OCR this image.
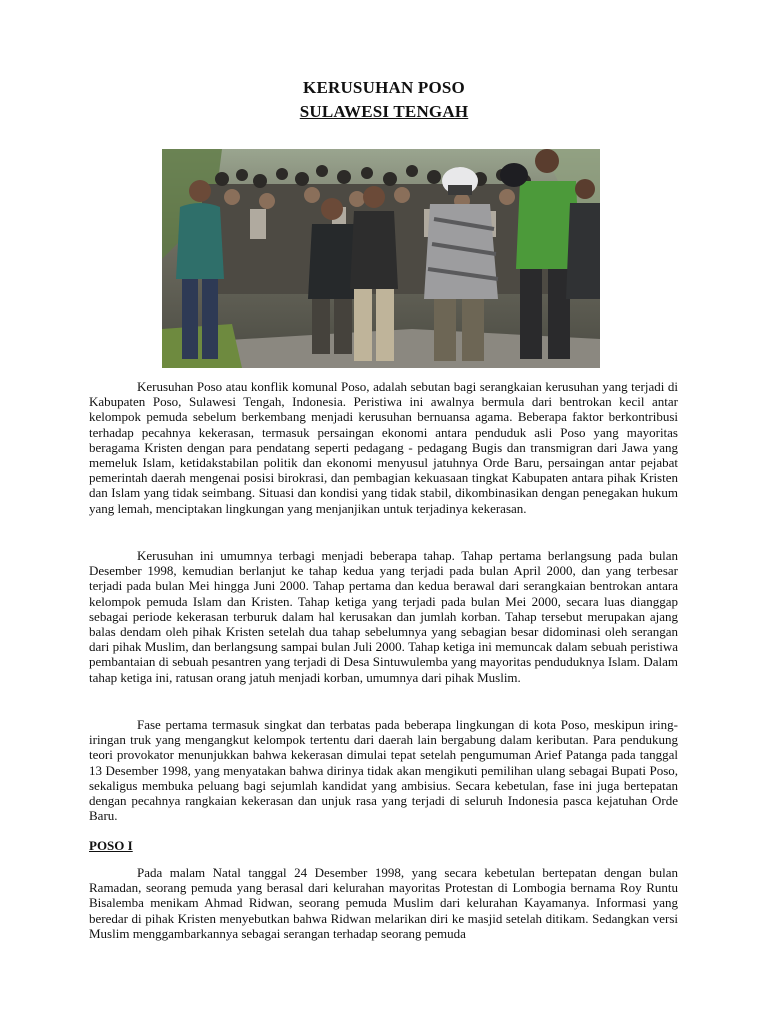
KERUSUHAN POSO
SULAWESI TENGAH

Kerusuhan Poso atau konflik komunal Poso, adalah sebutan bagi serangkaian kerusuhan yang terjadi di Kabupaten Poso, Sulawesi Tengah, Indonesia. Peristiwa ini awalnya bermula dari bentrokan kecil antar kelompok pemuda sebelum berkembang menjadi kerusuhan bernuansa agama. Beberapa faktor berkontribusi terhadap pecahnya kekerasan, termasuk persaingan ekonomi antara penduduk asli Poso yang mayoritas beragama Kristen dengan para pendatang seperti pedagang - pedagang Bugis dan transmigran dari Jawa yang memeluk Islam, ketidakstabilan politik dan ekonomi menyusul jatuhnya Orde Baru, persaingan antar pejabat pemerintah daerah mengenai posisi birokrasi, dan pembagian kekuasaan tingkat Kabupaten antara pihak Kristen dan Islam yang tidak seimbang. Situasi dan kondisi yang tidak stabil, dikombinasikan dengan penegakan hukum yang lemah, menciptakan lingkungan yang menjanjikan untuk terjadinya kekerasan.

Kerusuhan ini umumnya terbagi menjadi beberapa tahap. Tahap pertama berlangsung pada bulan Desember 1998, kemudian berlanjut ke tahap kedua yang terjadi pada bulan April 2000, dan yang terbesar terjadi pada bulan Mei hingga Juni 2000. Tahap pertama dan kedua berawal dari serangkaian bentrokan antara kelompok pemuda Islam dan Kristen. Tahap ketiga yang terjadi pada bulan Mei 2000, secara luas dianggap sebagai periode kekerasan terburuk dalam hal kerusakan dan jumlah korban. Tahap tersebut merupakan ajang balas dendam oleh pihak Kristen setelah dua tahap sebelumnya yang sebagian besar didominasi oleh serangan dari pihak Muslim, dan berlangsung sampai bulan Juli 2000. Tahap ketiga ini memuncak dalam sebuah peristiwa pembantaian di sebuah pesantren yang terjadi di Desa Sintuwulemba yang mayoritas penduduknya Islam. Dalam tahap ketiga ini, ratusan orang jatuh menjadi korban, umumnya dari pihak Muslim.

Fase pertama termasuk singkat dan terbatas pada beberapa lingkungan di kota Poso, meskipun iring-iringan truk yang mengangkut kelompok tertentu dari daerah lain bergabung dalam keributan. Para pendukung teori provokator menunjukkan bahwa kekerasan dimulai tepat setelah pengumuman Arief Patanga pada tanggal 13 Desember 1998, yang menyatakan bahwa dirinya tidak akan mengikuti pemilihan ulang sebagai Bupati Poso, sekaligus membuka peluang bagi sejumlah kandidat yang ambisius. Secara kebetulan, fase ini juga bertepatan dengan pecahnya rangkaian kekerasan dan unjuk rasa yang terjadi di seluruh Indonesia pasca kejatuhan Orde Baru.

POSO I

Pada malam Natal tanggal 24 Desember 1998, yang secara kebetulan bertepatan dengan bulan Ramadan, seorang pemuda yang berasal dari kelurahan mayoritas Protestan di Lombogia bernama Roy Runtu Bisalemba menikam Ahmad Ridwan, seorang pemuda Muslim dari kelurahan Kayamanya. Informasi yang beredar di pihak Kristen menyebutkan bahwa Ridwan melarikan diri ke masjid setelah ditikam. Sedangkan versi Muslim menggambarkannya sebagai serangan terhadap seorang pemuda
